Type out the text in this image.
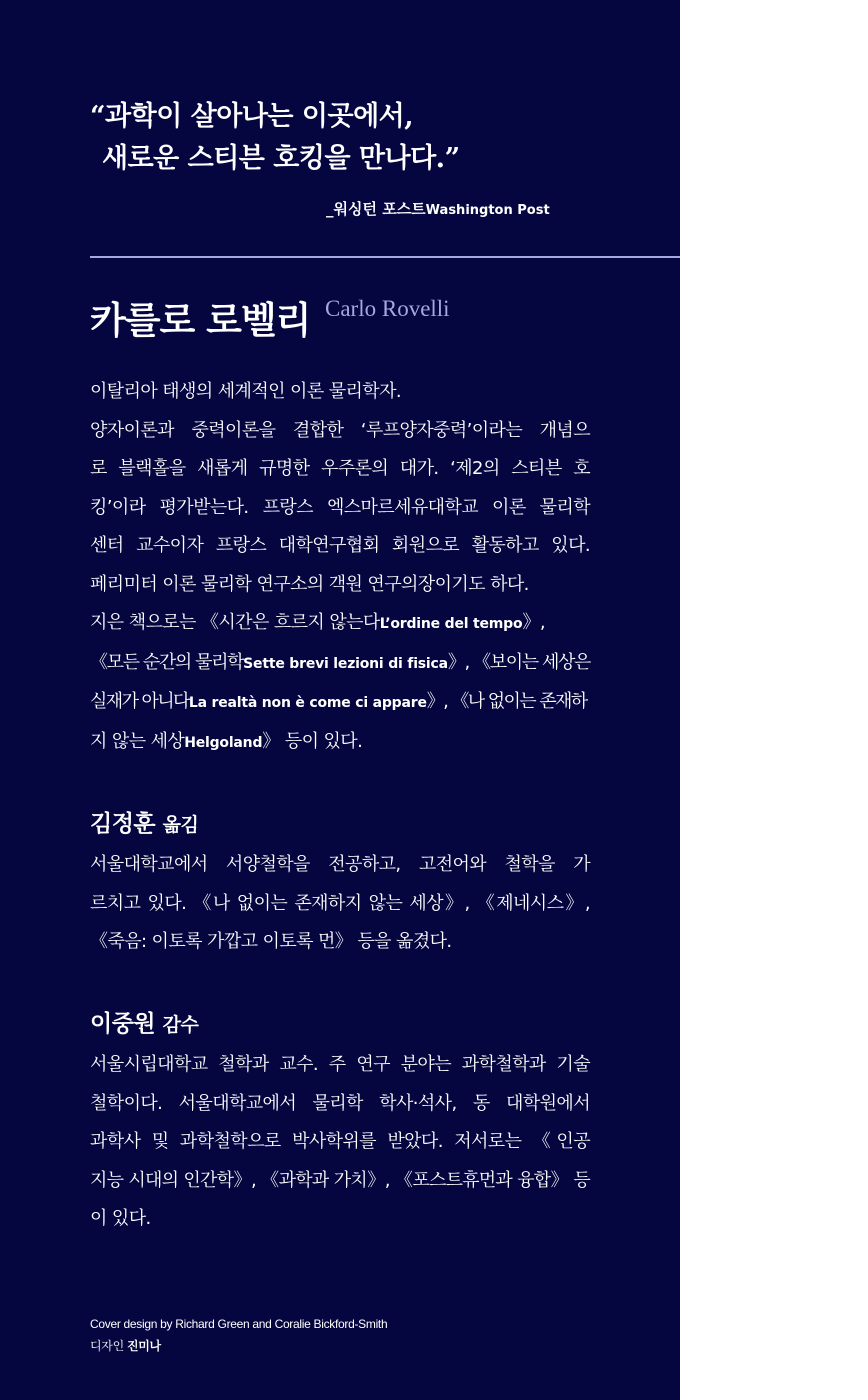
“과학이 살아나는 이곳에서,
새로운 스티븐 호킹을 만나다.”
_워싱턴 포스트Washington Post
카를로 로벨리 Carlo Rovelli
이탈리아 태생의 세계적인 이론 물리학자.
양자이론과 중력이론을 결합한 ‘루프양자중력’이라는 개념으
로 블랙홀을 새롭게 규명한 우주론의 대가. ‘제2의 스티븐 호
킹’이라 평가받는다. 프랑스 엑스마르세유대학교 이론 물리학
센터 교수이자 프랑스 대학연구협회 회원으로 활동하고 있다.
페리미터 이론 물리학 연구소의 객원 연구의장이기도 하다.
지은 책으로는 《시간은 흐르지 않는다L’ordine del tempo》,
《모든 순간의 물리학Sette brevi lezioni di fisica》, 《보이는 세상은
실재가 아니다La realtà non è come ci appare》, 《나 없이는 존재하
지 않는 세상Helgoland》 등이 있다.
김정훈 옮김
서울대학교에서 서양철학을 전공하고, 고전어와 철학을 가
르치고 있다. 《나 없이는 존재하지 않는 세상》, 《제네시스》,
《죽음: 이토록 가깝고 이토록 먼》 등을 옮겼다.
이중원 감수
서울시립대학교 철학과 교수. 주 연구 분야는 과학철학과 기술
철학이다. 서울대학교에서 물리학 학사·석사, 동 대학원에서
과학사 및 과학철학으로 박사학위를 받았다. 저서로는 《인공
지능 시대의 인간학》, 《과학과 가치》, 《포스트휴먼과 융합》 등
이 있다.
Cover design by Richard Green and Coralie Bickford-Smith
디자인 진미나
